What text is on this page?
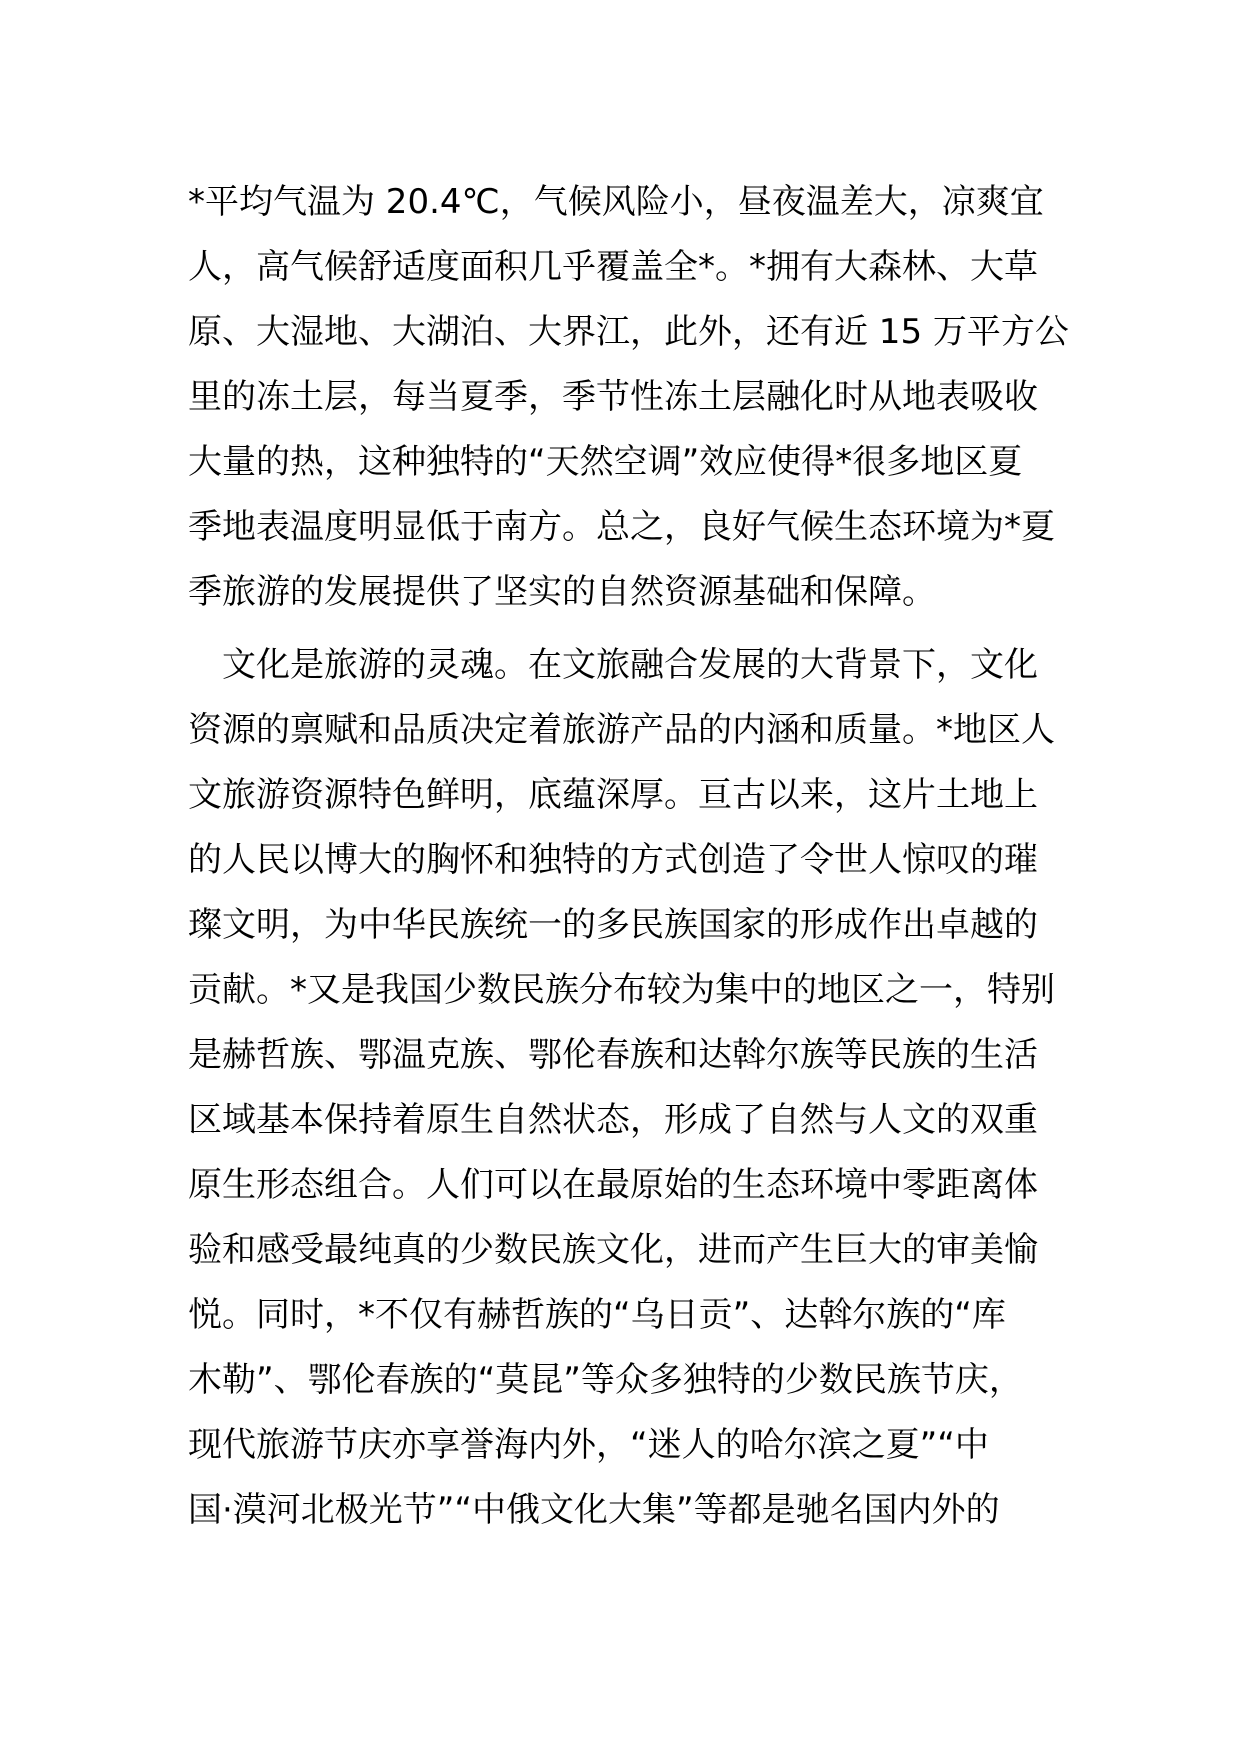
*平均气温为 20.4℃，气候风险小，昼夜温差大，凉爽宜
人，高气候舒适度面积几乎覆盖全*。*拥有大森林、大草
原、大湿地、大湖泊、大界江，此外，还有近 15 万平方公
里的冻土层，每当夏季，季节性冻土层融化时从地表吸收
大量的热，这种独特的“天然空调”效应使得*很多地区夏
季地表温度明显低于南方。总之，良好气候生态环境为*夏
季旅游的发展提供了坚实的自然资源基础和保障。
　文化是旅游的灵魂。在文旅融合发展的大背景下，文化
资源的禀赋和品质决定着旅游产品的内涵和质量。*地区人
文旅游资源特色鲜明，底蕴深厚。亘古以来，这片土地上
的人民以博大的胸怀和独特的方式创造了令世人惊叹的璀
璨文明，为中华民族统一的多民族国家的形成作出卓越的
贡献。*又是我国少数民族分布较为集中的地区之一，特别
是赫哲族、鄂温克族、鄂伦春族和达斡尔族等民族的生活
区域基本保持着原生自然状态，形成了自然与人文的双重
原生形态组合。人们可以在最原始的生态环境中零距离体
验和感受最纯真的少数民族文化，进而产生巨大的审美愉
悦。同时，*不仅有赫哲族的“乌日贡”、达斡尔族的“库
木勒”、鄂伦春族的“莫昆”等众多独特的少数民族节庆，
现代旅游节庆亦享誉海内外，“迷人的哈尔滨之夏”“中
国·漠河北极光节”“中俄文化大集”等都是驰名国内外的
